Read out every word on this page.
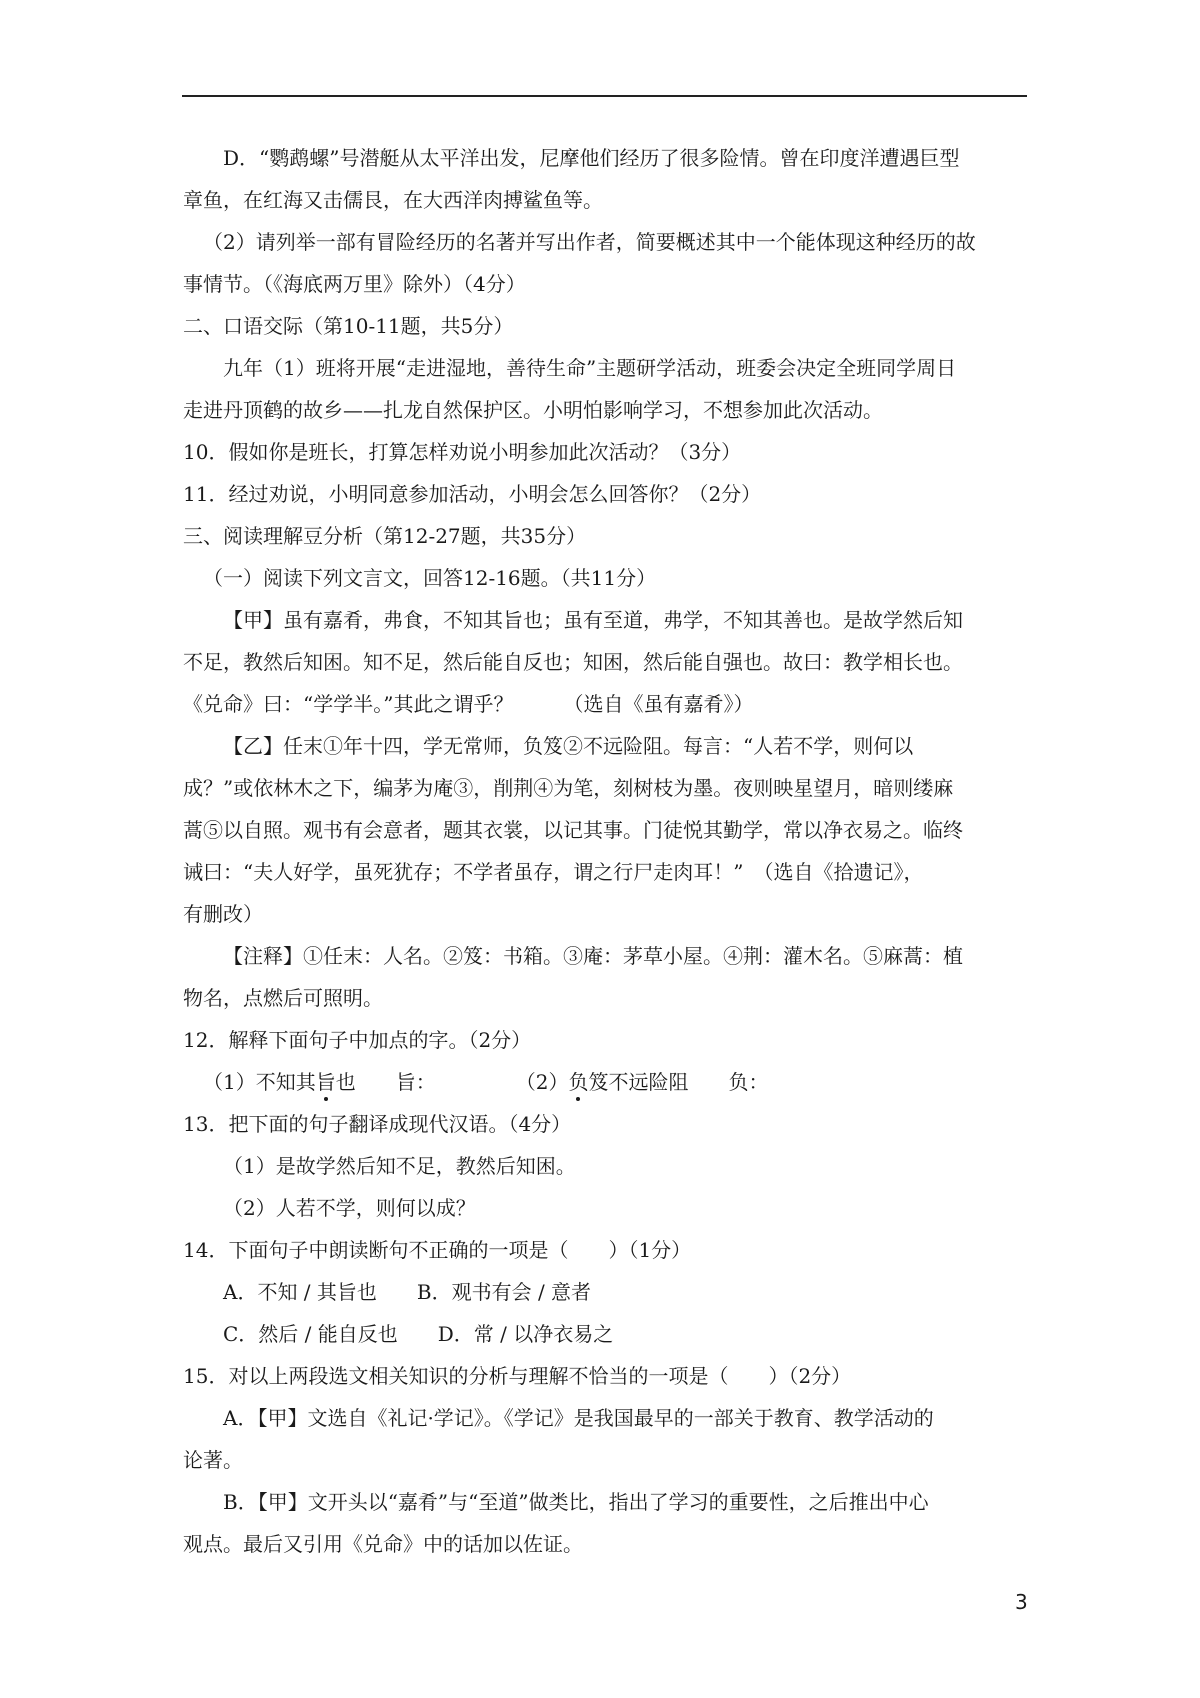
D．“鹦鹉螺”号潜艇从太平洋出发，尼摩他们经历了很多险情。曾在印度洋遭遇巨型
章鱼，在红海又击儒艮，在大西洋肉搏鲨鱼等。
（2）请列举一部有冒险经历的名著并写出作者，简要概述其中一个能体现这种经历的故
事情节。（《海底两万里》除外）（4分）
二、口语交际（第10-11题，共5分）
九年（1）班将开展“走进湿地，善待生命”主题研学活动，班委会决定全班同学周日
走进丹顶鹤的故乡——扎龙自然保护区。小明怕影响学习，不想参加此次活动。
10．假如你是班长，打算怎样劝说小明参加此次活动？（3分）
11．经过劝说，小明同意参加活动，小明会怎么回答你？（2分）
三、阅读理解豆分析（第12-27题，共35分）
（一）阅读下列文言文，回答12-16题。（共11分）
【甲】虽有嘉肴，弗食，不知其旨也；虽有至道，弗学，不知其善也。是故学然后知
不足，教然后知困。知不足，然后能自反也；知困，然后能自强也。故曰：教学相长也。
《兑命》曰：“学学半。”其此之谓乎？　　　（选自《虽有嘉肴》）
【乙】任末①年十四，学无常师，负笈②不远险阻。每言：“人若不学，则何以
成？”或依林木之下，编茅为庵③，削荆④为笔，刻树枝为墨。夜则映星望月，暗则缕麻
蒿⑤以自照。观书有会意者，题其衣裳，以记其事。门徒悦其勤学，常以净衣易之。临终
诫曰：“夫人好学，虽死犹存；不学者虽存，谓之行尸走肉耳！”　（选自《拾遗记》，
有删改）
【注释】①任末：人名。②笈：书箱。③庵：茅草小屋。④荆：灌木名。⑤麻蒿：植
物名，点燃后可照明。
12．解释下面句子中加点的字。（2分）
（1）不知其旨也 旨：	（2）负笈不远险阻 负：
13．把下面的句子翻译成现代汉语。（4分）
（1）是故学然后知不足，教然后知困。
（2）人若不学，则何以成？
14．下面句子中朗读断句不正确的一项是（　　）（1分）
A．不知 / 其旨也　　B．观书有会 / 意者
C．然后 / 能自反也　　D．常 / 以净衣易之
15．对以上两段选文相关知识的分析与理解不恰当的一项是（　　）（2分）
A．【甲】文选自《礼记·学记》。《学记》是我国最早的一部关于教育、教学活动的
论著。
B．【甲】文开头以“嘉肴”与“至道”做类比，指出了学习的重要性，之后推出中心
观点。最后又引用《兑命》中的话加以佐证。
3
